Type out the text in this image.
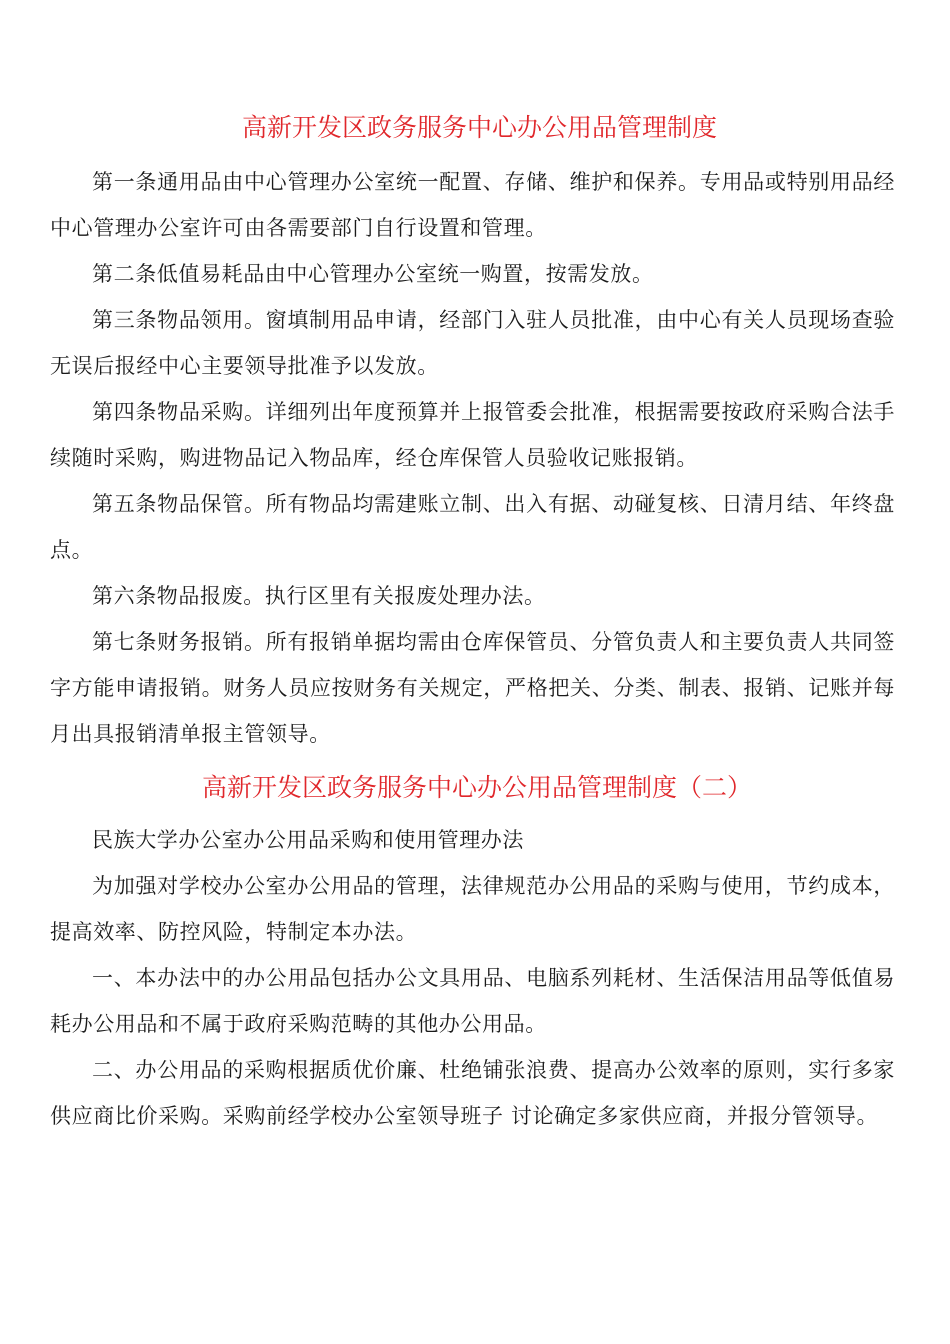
高新开发区政务服务中心办公用品管理制度

第一条通用品由中心管理办公室统一配置、存储、维护和保养。专用品或特别用品经中心管理办公室许可由各需要部门自行设置和管理。

第二条低值易耗品由中心管理办公室统一购置，按需发放。

第三条物品领用。窗填制用品申请，经部门入驻人员批准，由中心有关人员现场查验无误后报经中心主要领导批准予以发放。

第四条物品采购。详细列出年度预算并上报管委会批准，根据需要按政府采购合法手续随时采购，购进物品记入物品库，经仓库保管人员验收记账报销。

第五条物品保管。所有物品均需建账立制、出入有据、动碰复核、日清月结、年终盘点。

第六条物品报废。执行区里有关报废处理办法。

第七条财务报销。所有报销单据均需由仓库保管员、分管负责人和主要负责人共同签字方能申请报销。财务人员应按财务有关规定，严格把关、分类、制表、报销、记账并每月出具报销清单报主管领导。

高新开发区政务服务中心办公用品管理制度（二）

民族大学办公室办公用品采购和使用管理办法

为加强对学校办公室办公用品的管理，法律规范办公用品的采购与使用，节约成本，提高效率、防控风险，特制定本办法。

一、本办法中的办公用品包括办公文具用品、电脑系列耗材、生活保洁用品等低值易耗办公用品和不属于政府采购范畴的其他办公用品。

二、办公用品的采购根据质优价廉、杜绝铺张浪费、提高办公效率的原则，实行多家供应商比价采购。采购前经学校办公室领导班子 讨论确定多家供应商，并报分管领导。
